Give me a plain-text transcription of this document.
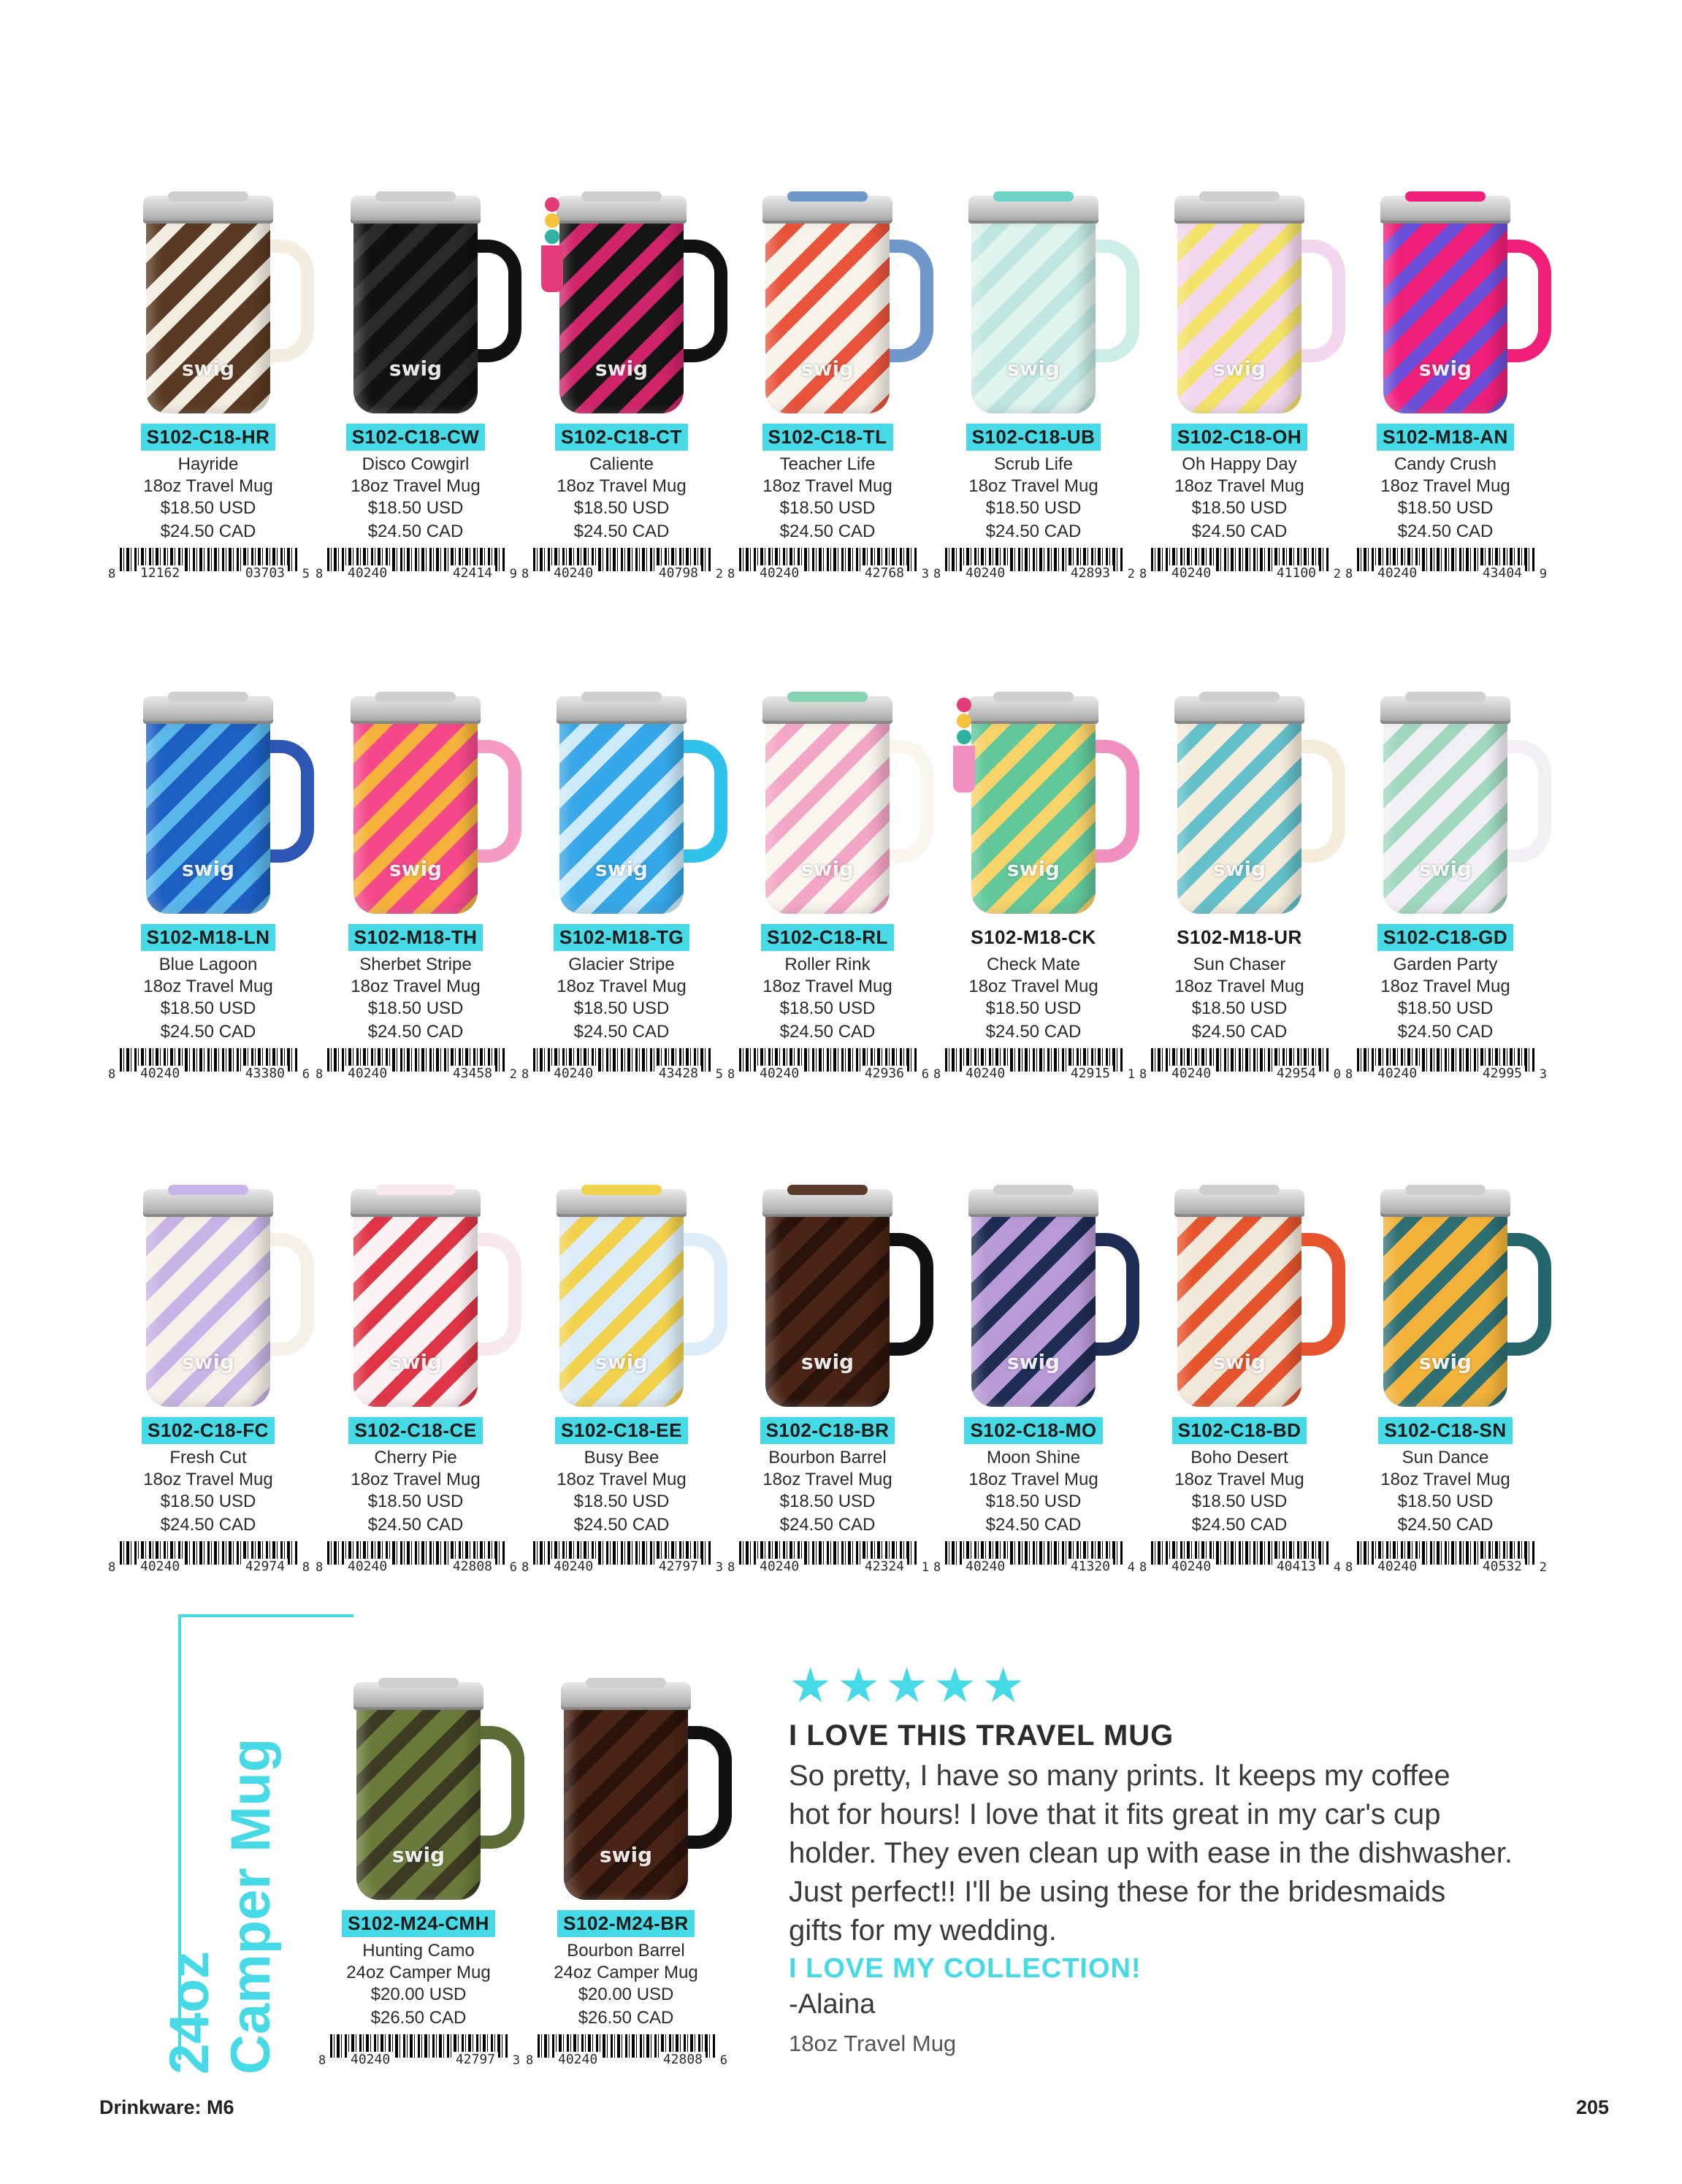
swig
S102-C18-HR
Hayride
18oz Travel Mug
$18.50 USD
$24.50 CAD
8 12162	03703 5
swig
S102-C18-CW
Disco Cowgirl
18oz Travel Mug
$18.50 USD
$24.50 CAD
8 40240	42414 9
swig
S102-C18-CT
Caliente
18oz Travel Mug
$18.50 USD
$24.50 CAD
8 40240	40798 2
swig
S102-C18-TL
Teacher Life
18oz Travel Mug
$18.50 USD
$24.50 CAD
8 40240	42768 3
swig
S102-C18-UB
Scrub Life
18oz Travel Mug
$18.50 USD
$24.50 CAD
8 40240	42893 2
swig
S102-C18-OH
Oh Happy Day
18oz Travel Mug
$18.50 USD
$24.50 CAD
8 40240	41100 2
swig
S102-M18-AN
Candy Crush
18oz Travel Mug
$18.50 USD
$24.50 CAD
8 40240	43404 9
swig
S102-M18-LN
Blue Lagoon
18oz Travel Mug
$18.50 USD
$24.50 CAD
8 40240	43380 6
swig
S102-M18-TH
Sherbet Stripe
18oz Travel Mug
$18.50 USD
$24.50 CAD
8 40240	43458 2
swig
S102-M18-TG
Glacier Stripe
18oz Travel Mug
$18.50 USD
$24.50 CAD
8 40240	43428 5
swig
S102-C18-RL
Roller Rink
18oz Travel Mug
$18.50 USD
$24.50 CAD
8 40240	42936 6
swig
S102-M18-CK
Check Mate
18oz Travel Mug
$18.50 USD
$24.50 CAD
8 40240	42915 1
swig
S102-M18-UR
Sun Chaser
18oz Travel Mug
$18.50 USD
$24.50 CAD
8 40240	42954 0
swig
S102-C18-GD
Garden Party
18oz Travel Mug
$18.50 USD
$24.50 CAD
8 40240	42995 3
swig
S102-C18-FC
Fresh Cut
18oz Travel Mug
$18.50 USD
$24.50 CAD
8 40240	42974 8
swig
S102-C18-CE
Cherry Pie
18oz Travel Mug
$18.50 USD
$24.50 CAD
8 40240	42808 6
swig
S102-C18-EE
Busy Bee
18oz Travel Mug
$18.50 USD
$24.50 CAD
8 40240	42797 3
swig
S102-C18-BR
Bourbon Barrel
18oz Travel Mug
$18.50 USD
$24.50 CAD
8 40240	42324 1
swig
S102-C18-MO
Moon Shine
18oz Travel Mug
$18.50 USD
$24.50 CAD
8 40240	41320 4
swig
S102-C18-BD
Boho Desert
18oz Travel Mug
$18.50 USD
$24.50 CAD
8 40240	40413 4
swig
S102-C18-SN
Sun Dance
18oz Travel Mug
$18.50 USD
$24.50 CAD
8 40240	40532 2
24oz Camper Mug
★ ★ ★ ★ ★
I LOVE THIS TRAVEL MUG
So pretty, I have so many prints. It keeps my coffee
hot for hours! I love that it fits great in my car's cup
holder. They even clean up with ease in the dishwasher.
Just perfect!! I'll be using these for the bridesmaids
gifts for my wedding.
I LOVE MY COLLECTION!
-Alaina
18oz Travel Mug
Drinkware: M6	205
swig
S102-M24-CMH
Hunting Camo
24oz Camper Mug
$20.00 USD
$26.50 CAD
8 40240	42797 3
swig
S102-M24-BR
Bourbon Barrel
24oz Camper Mug
$20.00 USD
$26.50 CAD
8 40240	42808 6
